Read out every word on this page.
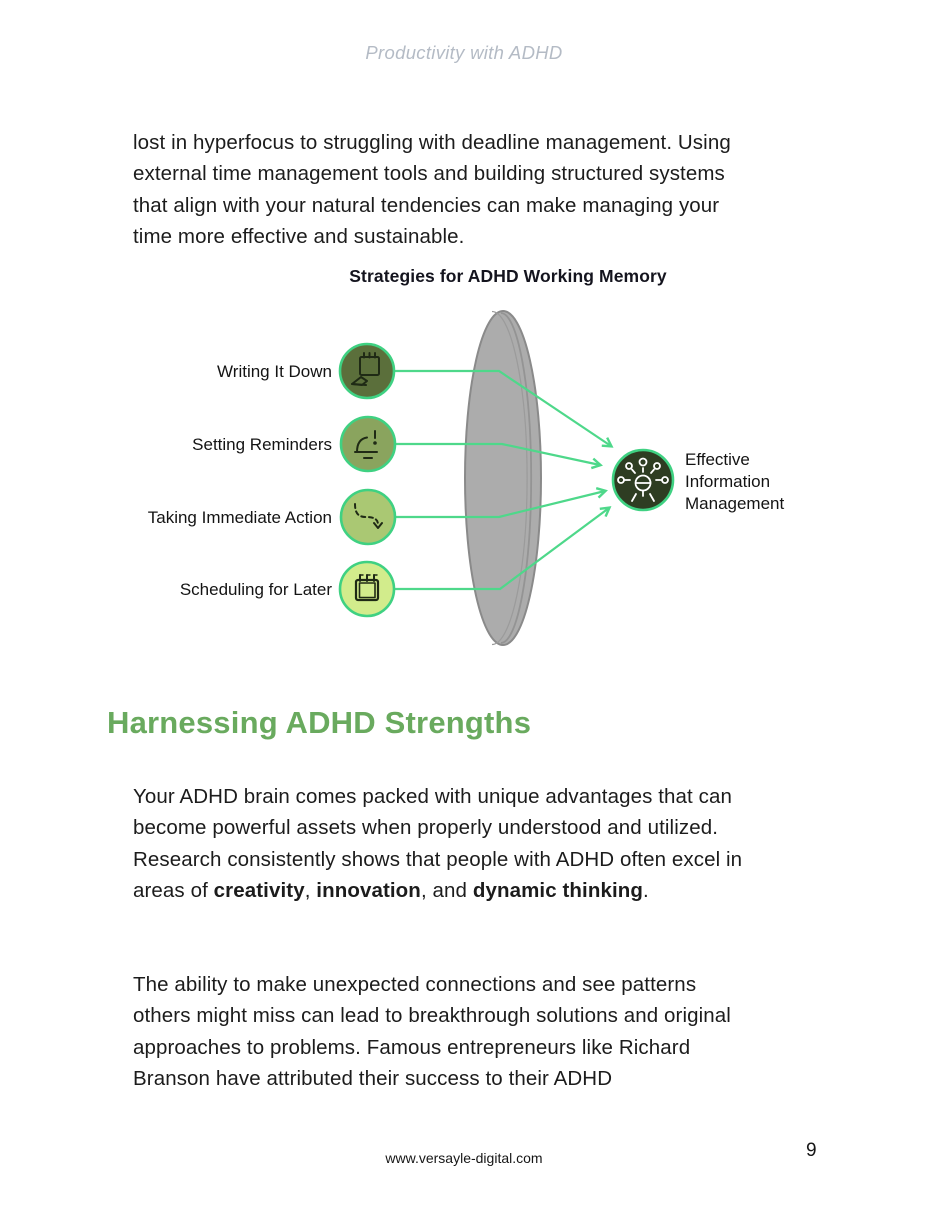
Productivity with ADHD

lost in hyperfocus to struggling with deadline management. Using external time management tools and building structured systems that align with your natural tendencies can make managing your time more effective and sustainable.

Strategies for ADHD Working Memory
Writing It Down
Setting Reminders
Taking Immediate Action
Scheduling for Later
Effective
Information
Management
Harnessing ADHD Strengths

Your ADHD brain comes packed with unique advantages that can become powerful assets when properly understood and utilized. Research consistently shows that people with ADHD often excel in areas of creativity, innovation, and dynamic thinking.

The ability to make unexpected connections and see patterns others might miss can lead to breakthrough solutions and original approaches to problems. Famous entrepreneurs like Richard Branson have attributed their success to their ADHD

www.versayle-digital.com	9
